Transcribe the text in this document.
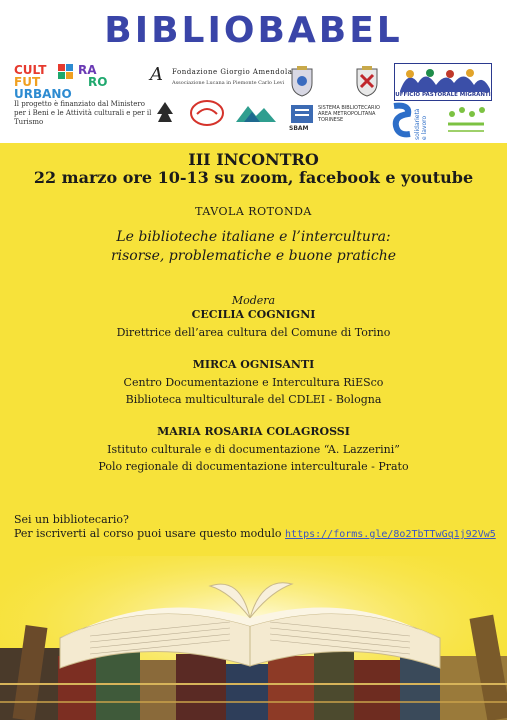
BIBLIOBABEL
CULT
FUT
URBANO
RA
RO
Il progetto è finanziato dal Ministero per i Beni e le Attività culturali e per il Turismo
A Fondazione Giorgio Amendola
Associazione Lucana in Piemonte Carlo Levi
UFFICIO PASTORALE MIGRANTI
SISTEMA BIBLIOTECARIO AREA METROPOLITANA TORINESE
SBAM	solidarietà e lavoro
III INCONTRO
22 marzo ore 10-13 su zoom, facebook e youtube
TAVOLA ROTONDA
Le biblioteche italiane e l’intercultura:
risorse, problematiche e buone pratiche
Modera
CECILIA COGNIGNI
Direttrice dell’area cultura del Comune di Torino
MIRCA OGNISANTI
Centro Documentazione e Intercultura RiESco
Biblioteca multiculturale del CDLEI - Bologna
MARIA ROSARIA COLAGROSSI
Istituto culturale e di documentazione “A. Lazzerini”
Polo regionale di documentazione interculturale - Prato
Sei un bibliotecario?
Per iscriverti al corso puoi usare questo modulo https://forms.gle/8o2TbTTwGq1j92Vw5
